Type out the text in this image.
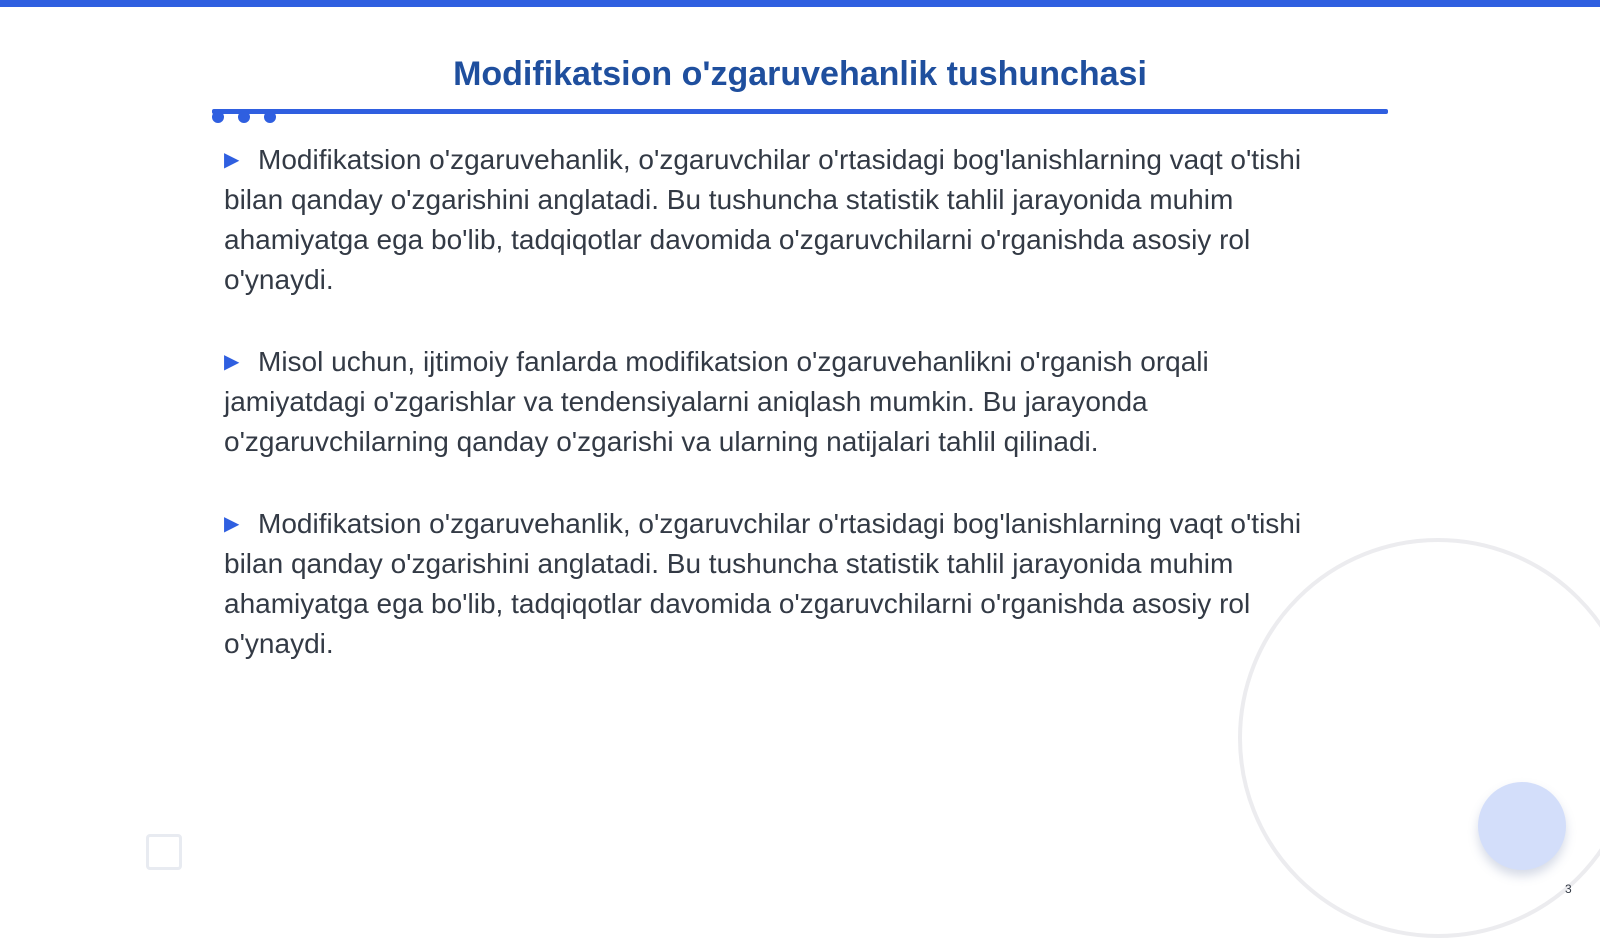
Modifikatsion o'zgaruvehanlik tushunchasi

▶ Modifikatsion o'zgaruvehanlik, o'zgaruvchilar o'rtasidagi bog'lanishlarning vaqt o'tishi bilan qanday o'zgarishini anglatadi. Bu tushuncha statistik tahlil jarayonida muhim ahamiyatga ega bo'lib, tadqiqotlar davomida o'zgaruvchilarni o'rganishda asosiy rol o'ynaydi.

▶ Misol uchun, ijtimoiy fanlarda modifikatsion o'zgaruvehanlikni o'rganish orqali jamiyatdagi o'zgarishlar va tendensiyalarni aniqlash mumkin. Bu jarayonda o'zgaruvchilarning qanday o'zgarishi va ularning natijalari tahlil qilinadi.

▶ Modifikatsion o'zgaruvehanlik, o'zgaruvchilar o'rtasidagi bog'lanishlarning vaqt o'tishi bilan qanday o'zgarishini anglatadi. Bu tushuncha statistik tahlil jarayonida muhim ahamiyatga ega bo'lib, tadqiqotlar davomida o'zgaruvchilarni o'rganishda asosiy rol o'ynaydi.

3
